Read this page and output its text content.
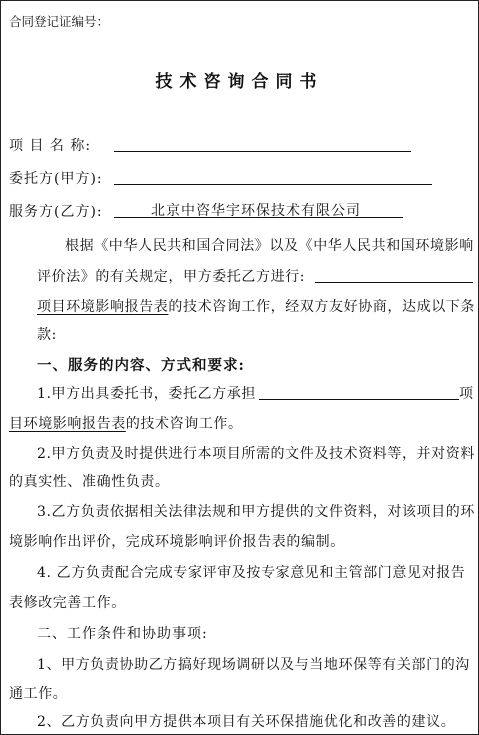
合同登记证编号：
技术咨询合同书
项 目 名 称:
委托方(甲方):
服务方(乙方):	北京中咨华宇环保技术有限公司
根据《中华人民共和国合同法》以及《中华人民共和国环境影响
评价法》的有关规定，甲方委托乙方进行:
项目环境影响报告表的技术咨询工作，经双方友好协商，达成以下条
款:
一、服务的内容、方式和要求:
1.甲方出具委托书，委托乙方承担	项
目环境影响报告表的技术咨询工作。
2.甲方负责及时提供进行本项目所需的文件及技术资料等，并对资料
的真实性、准确性负责。
3.乙方负责依据相关法律法规和甲方提供的文件资料，对该项目的环
境影响作出评价，完成环境影响评价报告表的编制。
4. 乙方负责配合完成专家评审及按专家意见和主管部门意见对报告
表修改完善工作。
二、工作条件和协助事项:
1、甲方负责协助乙方搞好现场调研以及与当地环保等有关部门的沟
通工作。
2、乙方负责向甲方提供本项目有关环保措施优化和改善的建议。
